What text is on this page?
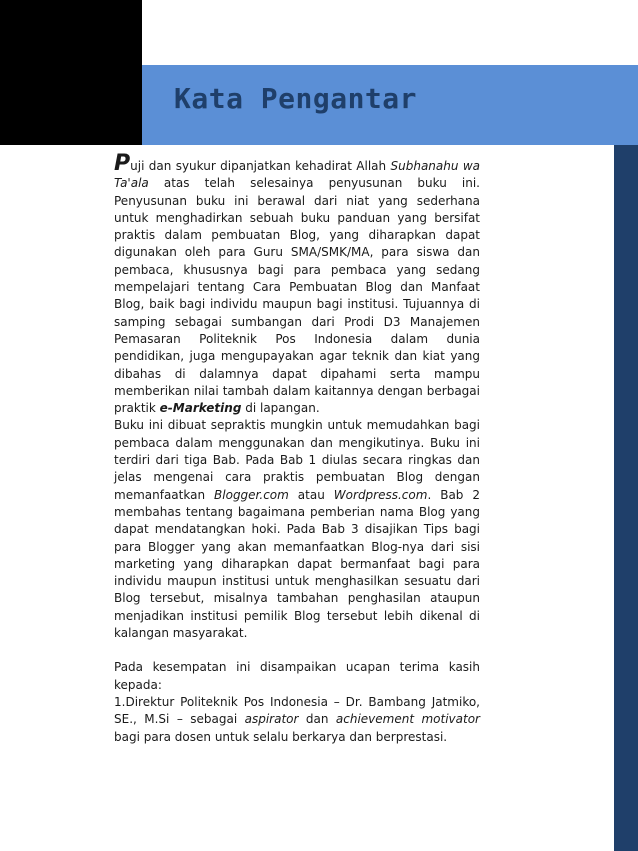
Kata Pengantar

Puji dan syukur dipanjatkan kehadirat Allah Subhanahu wa Ta'ala atas telah selesainya penyusunan buku ini. Penyusunan buku ini berawal dari niat yang sederhana untuk menghadirkan sebuah buku panduan yang bersifat praktis dalam pembuatan Blog, yang diharapkan dapat digunakan oleh para Guru SMA/SMK/MA, para siswa dan pembaca, khususnya bagi para pembaca yang sedang mempelajari tentang Cara Pembuatan Blog dan Manfaat Blog, baik bagi individu maupun bagi institusi. Tujuannya di samping sebagai sumbangan dari Prodi D3 Manajemen Pemasaran Politeknik Pos Indonesia dalam dunia pendidikan, juga mengupayakan agar teknik dan kiat yang dibahas di dalamnya dapat dipahami serta mampu memberikan nilai tambah dalam kaitannya dengan berbagai praktik e-Marketing di lapangan.

Buku ini dibuat sepraktis mungkin untuk memudahkan bagi pembaca dalam menggunakan dan mengikutinya. Buku ini terdiri dari tiga Bab. Pada Bab 1 diulas secara ringkas dan jelas mengenai cara praktis pembuatan Blog dengan memanfaatkan Blogger.com atau Wordpress.com. Bab 2 membahas tentang bagaimana pemberian nama Blog yang dapat mendatangkan hoki. Pada Bab 3 disajikan Tips bagi para Blogger yang akan memanfaatkan Blog-nya dari sisi marketing yang diharapkan dapat bermanfaat bagi para individu maupun institusi untuk menghasilkan sesuatu dari Blog tersebut, misalnya tambahan penghasilan ataupun menjadikan institusi pemilik Blog tersebut lebih dikenal di kalangan masyarakat.

Pada kesempatan ini disampaikan ucapan terima kasih kepada:

1.Direktur Politeknik Pos Indonesia – Dr. Bambang Jatmiko, SE., M.Si – sebagai aspirator dan achievement motivator bagi para dosen untuk selalu berkarya dan berprestasi.
